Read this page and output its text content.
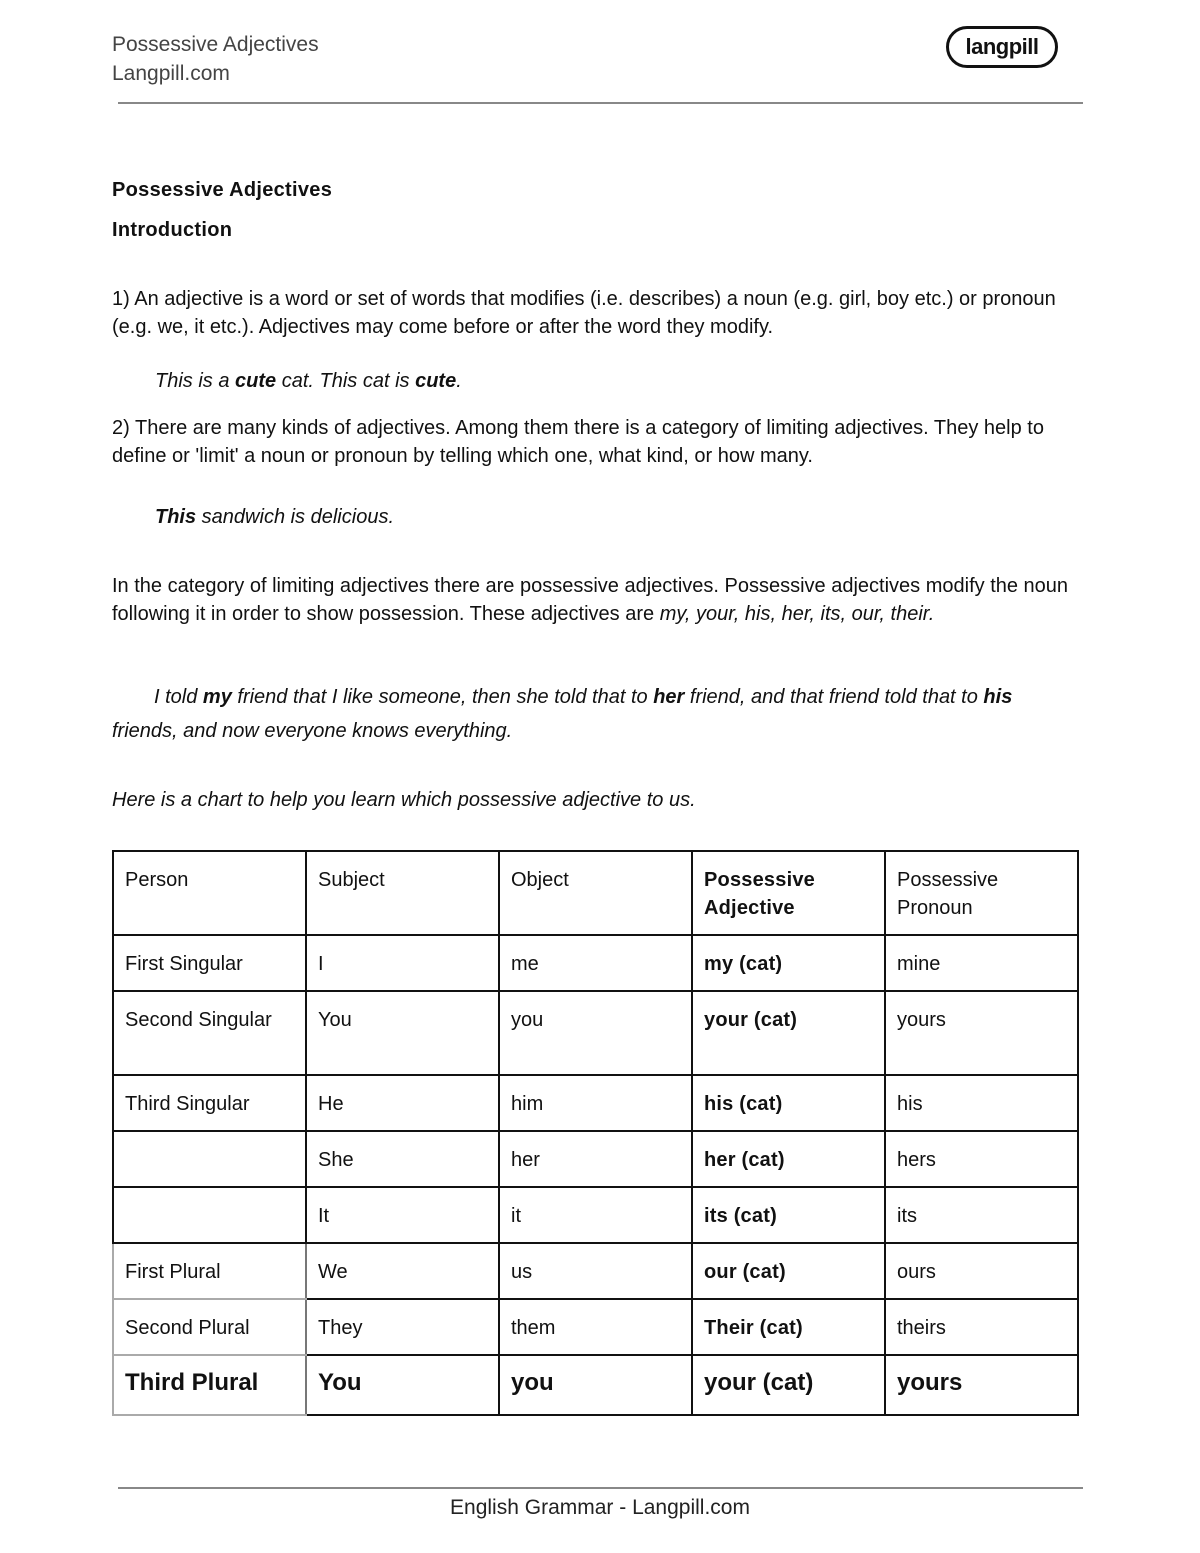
Possessive Adjectives
Langpill.com
langpill
Possessive Adjectives
Introduction
1) An adjective is a word or set of words that modifies (i.e. describes) a noun (e.g. girl, boy etc.) or pronoun (e.g. we, it etc.). Adjectives may come before or after the word they modify.
This is a cute cat. This cat is cute.
2) There are many kinds of adjectives. Among them there is a category of limiting adjectives. They help to define or 'limit' a noun or pronoun by telling which one, what kind, or how many.
This sandwich is delicious.
In the category of limiting adjectives there are possessive adjectives. Possessive adjectives modify the noun following it in order to show possession. These adjectives are my, your, his, her, its, our, their.
I told my friend that I like someone, then she told that to her friend, and that friend told that to his friends, and now everyone knows everything.
Here is a chart to help you learn which possessive adjective to us.
Person	Subject	Object	Possessive Adjective	Possessive Pronoun
First Singular	I	me	my (cat)	mine
Second Singular	You	you	your (cat)	yours
Third Singular	He	him	his (cat)	his
	She	her	her (cat)	hers
	It	it	its (cat)	its
First Plural	We	us	our (cat)	ours
Second Plural	They	them	Their (cat)	theirs
Third Plural	You	you	your (cat)	yours
English Grammar - Langpill.com
